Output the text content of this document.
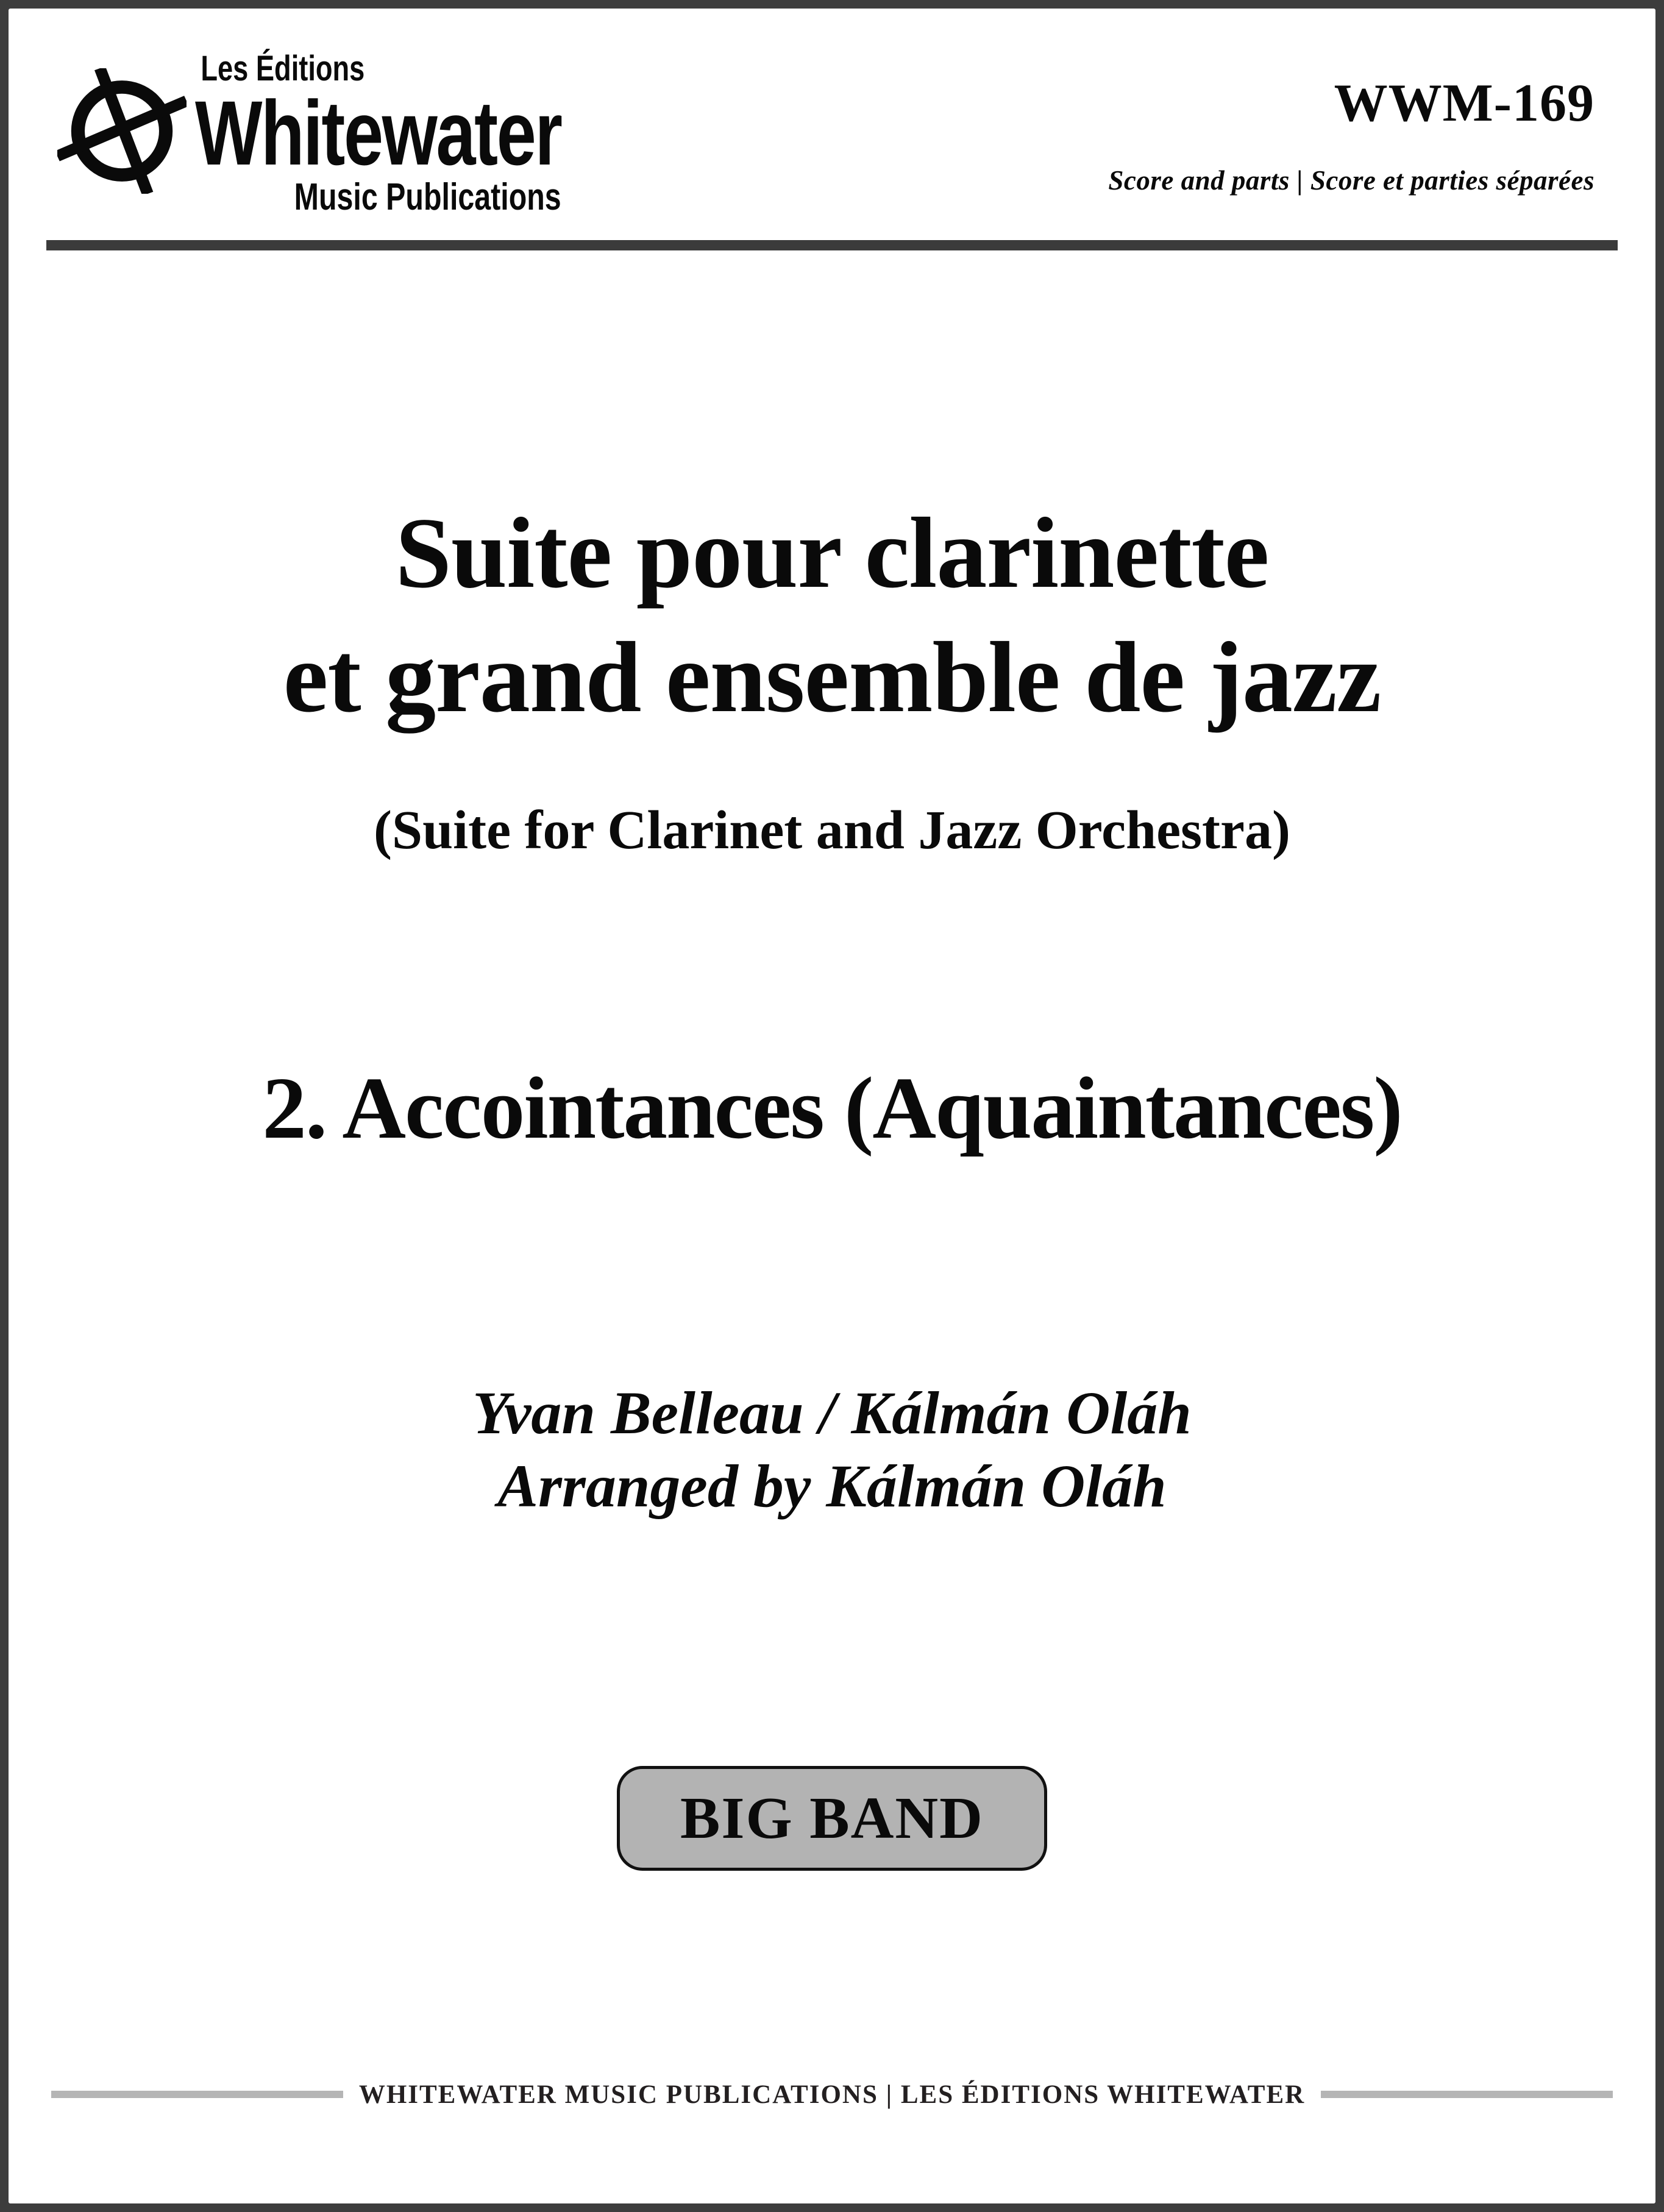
Les Éditions
Whitewater
Music Publications
WWM-169
Score and parts | Score et parties séparées
Suite pour clarinette
et grand ensemble de jazz
(Suite for Clarinet and Jazz Orchestra)
2. Accointances (Aquaintances)
Yvan Belleau / Kálmán Oláh
Arranged by Kálmán Oláh
BIG BAND
WHITEWATER MUSIC PUBLICATIONS | LES ÉDITIONS WHITEWATER
